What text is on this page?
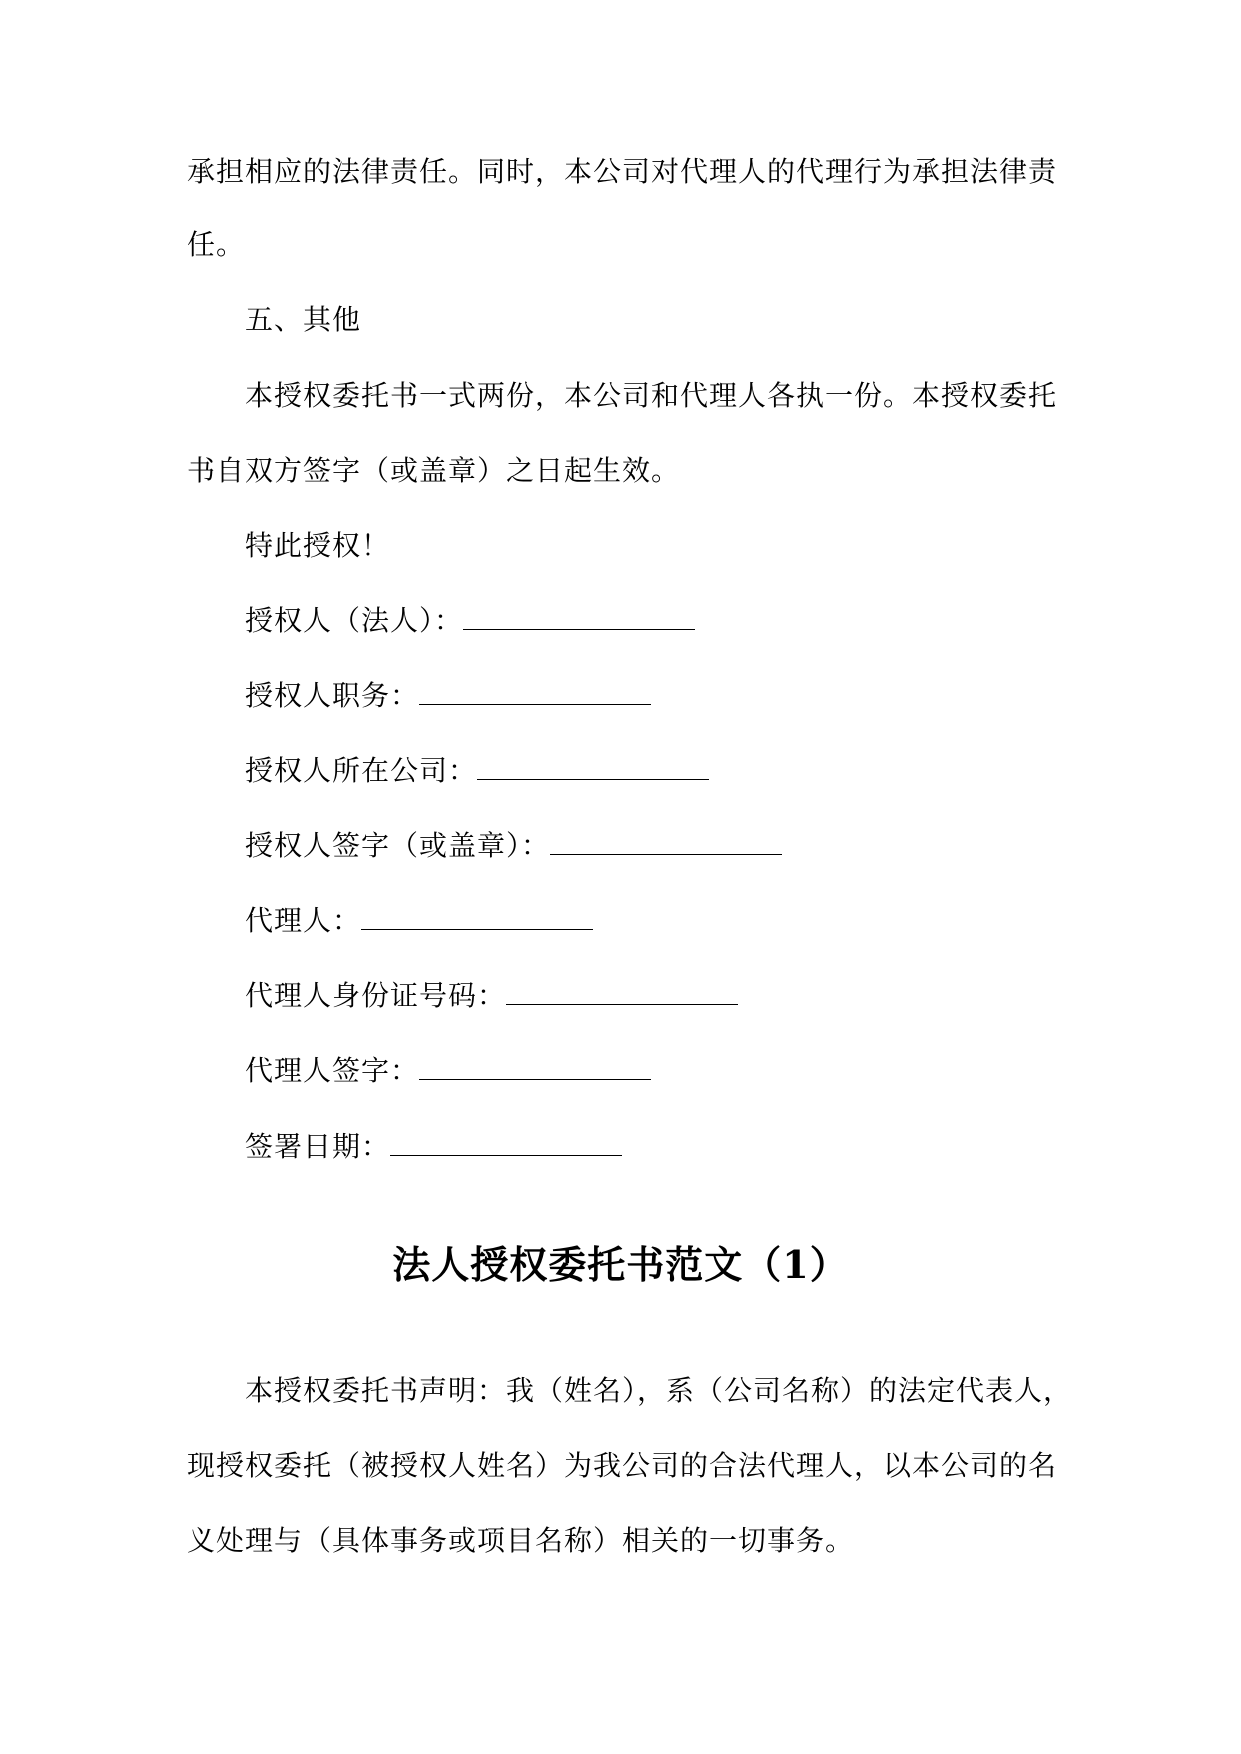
承担相应的法律责任。同时，本公司对代理人的代理行为承担法律责
任。
五、其他
本授权委托书一式两份，本公司和代理人各执一份。本授权委托
书自双方签字（或盖章）之日起生效。
特此授权！
授权人（法人）：
授权人职务：
授权人所在公司：
授权人签字（或盖章）：
代理人：
代理人身份证号码：
代理人签字：
签署日期：
法人授权委托书范文（1）
本授权委托书声明：我（姓名），系（公司名称）的法定代表人，
现授权委托（被授权人姓名）为我公司的合法代理人，以本公司的名
义处理与（具体事务或项目名称）相关的一切事务。
